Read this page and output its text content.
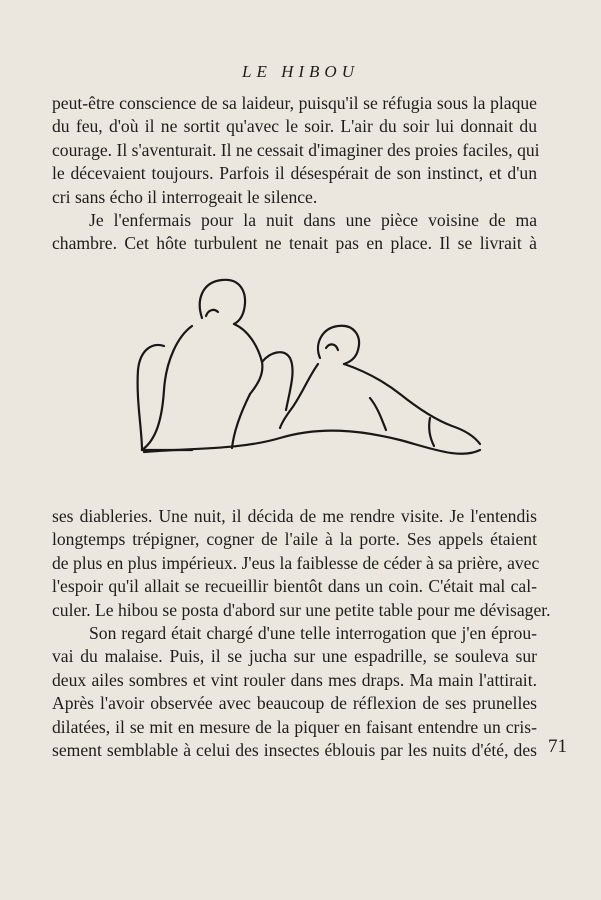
LE HIBOU
peut-être conscience de sa laideur, puisqu'il se réfugia sous la plaque
du feu, d'où il ne sortit qu'avec le soir. L'air du soir lui donnait du
courage. Il s'aventurait. Il ne cessait d'imaginer des proies faciles, qui
le décevaient toujours. Parfois il désespérait de son instinct, et d'un
cri sans écho il interrogeait le silence.
Je l'enfermais pour la nuit dans une pièce voisine de ma
chambre. Cet hôte turbulent ne tenait pas en place. Il se livrait à
ses diableries. Une nuit, il décida de me rendre visite. Je l'entendis
longtemps trépigner, cogner de l'aile à la porte. Ses appels étaient
de plus en plus impérieux. J'eus la faiblesse de céder à sa prière, avec
l'espoir qu'il allait se recueillir bientôt dans un coin. C'était mal cal-
culer. Le hibou se posta d'abord sur une petite table pour me dévisager.
Son regard était chargé d'une telle interrogation que j'en éprou-
vai du malaise. Puis, il se jucha sur une espadrille, se souleva sur
deux ailes sombres et vint rouler dans mes draps. Ma main l'attirait.
Après l'avoir observée avec beaucoup de réflexion de ses prunelles
dilatées, il se mit en mesure de la piquer en faisant entendre un cris-
sement semblable à celui des insectes éblouis par les nuits d'été, des 71
